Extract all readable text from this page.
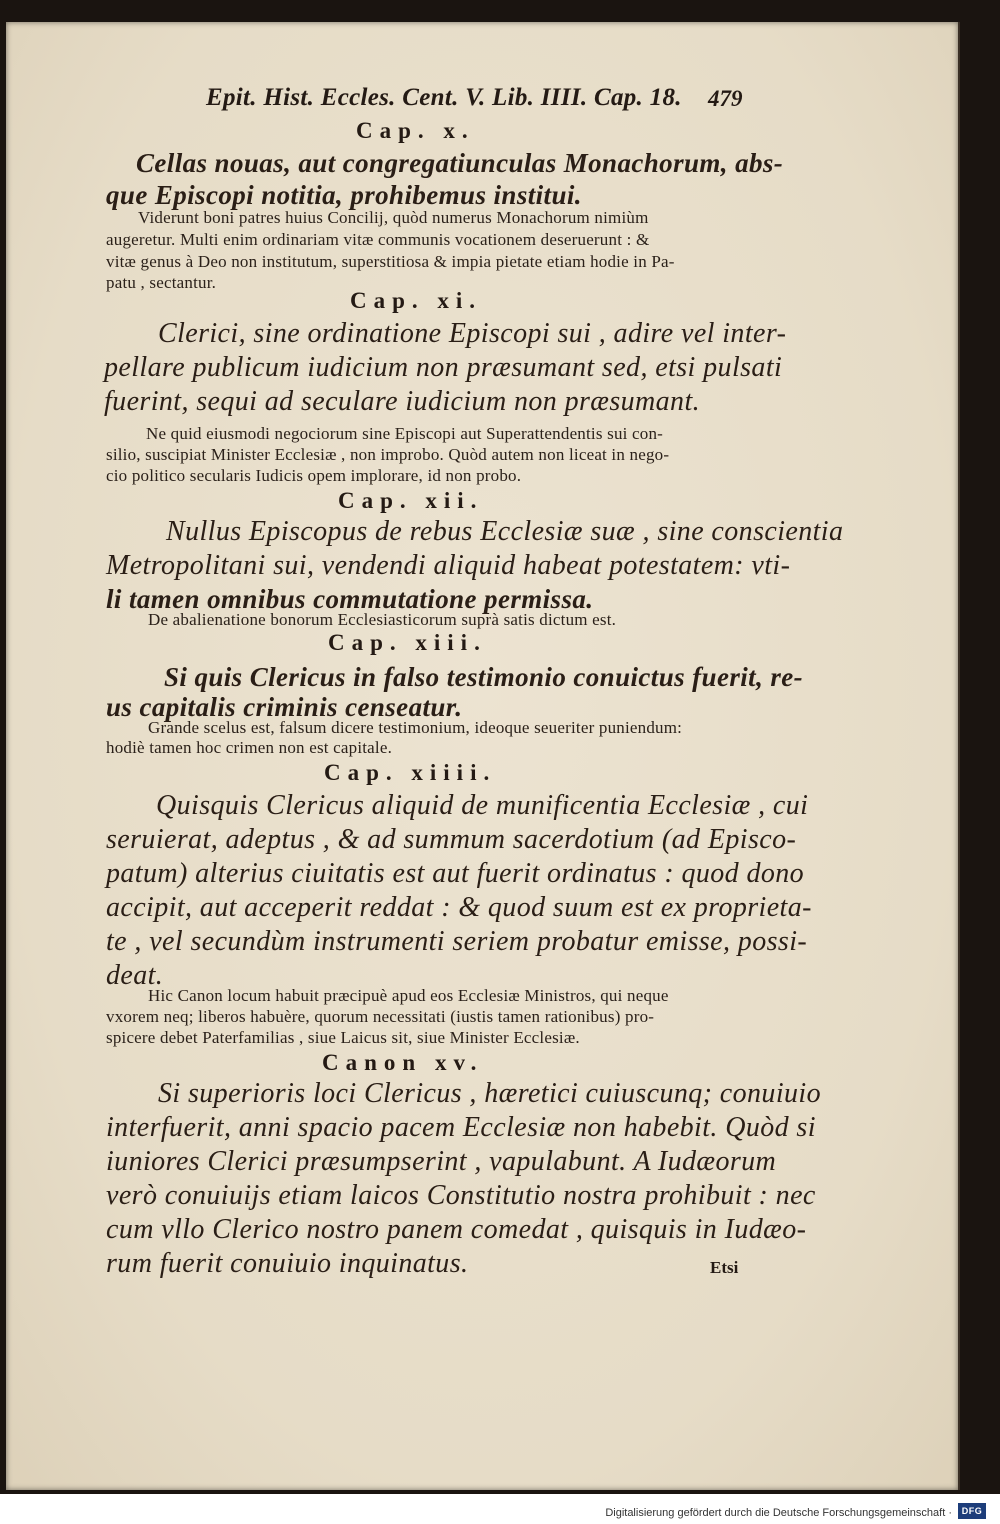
Epit. Hist. Eccles. Cent. V. Lib. IIII. Cap. 18. 479

Cap. x.

Cellas nouas, aut congregatiunculas Monachorum, abs-

que Episcopi notitia, prohibemus institui.

Viderunt boni patres huius Concilij, quòd numerus Monachorum nimiùm

augeretur. Multi enim ordinariam vitæ communis vocationem deseruerunt : &

vitæ genus à Deo non institutum, superstitiosa & impia pietate etiam hodie in Pa-

patu , sectantur.

Cap. xi.

Clerici, sine ordinatione Episcopi sui , adire vel inter-

pellare publicum iudicium non præsumant sed, etsi pulsati

fuerint, sequi ad seculare iudicium non præsumant.

Ne quid eiusmodi negociorum sine Episcopi aut Superattendentis sui con-

silio, suscipiat Minister Ecclesiæ , non improbo. Quòd autem non liceat in nego-

cio politico secularis Iudicis opem implorare, id non probo.

Cap. xii.

Nullus Episcopus de rebus Ecclesiæ suæ , sine conscientia

Metropolitani sui, vendendi aliquid habeat potestatem: vti-

li tamen omnibus commutatione permissa.

De abalienatione bonorum Ecclesiasticorum suprà satis dictum est.

Cap. xiii.

Si quis Clericus in falso testimonio conuictus fuerit, re-

us capitalis criminis censeatur.

Grande scelus est, falsum dicere testimonium, ideoque seueriter puniendum:

hodiè tamen hoc crimen non est capitale.

Cap. xiiii.

Quisquis Clericus aliquid de munificentia Ecclesiæ , cui

seruierat, adeptus , & ad summum sacerdotium (ad Episco-

patum) alterius ciuitatis est aut fuerit ordinatus : quod dono

accipit, aut acceperit reddat : & quod suum est ex proprieta-

te , vel secundùm instrumenti seriem probatur emisse, possi-

deat.

Hic Canon locum habuit præcipuè apud eos Ecclesiæ Ministros, qui neque

vxorem neq; liberos habuère, quorum necessitati (iustis tamen rationibus) pro-

spicere debet Paterfamilias , siue Laicus sit, siue Minister Ecclesiæ.

Canon xv.

Si superioris loci Clericus , hæretici cuiuscunq; conuiuio

interfuerit, anni spacio pacem Ecclesiæ non habebit. Quòd si

iuniores Clerici præsumpserint , vapulabunt. A Iudæorum

verò conuiuijs etiam laicos Constitutio nostra prohibuit : nec

cum vllo Clerico nostro panem comedat , quisquis in Iudæo-

rum fuerit conuiuio inquinatus.	Etsi

Digitalisierung gefördert durch die Deutsche Forschungsgemeinschaft ·	DFG
